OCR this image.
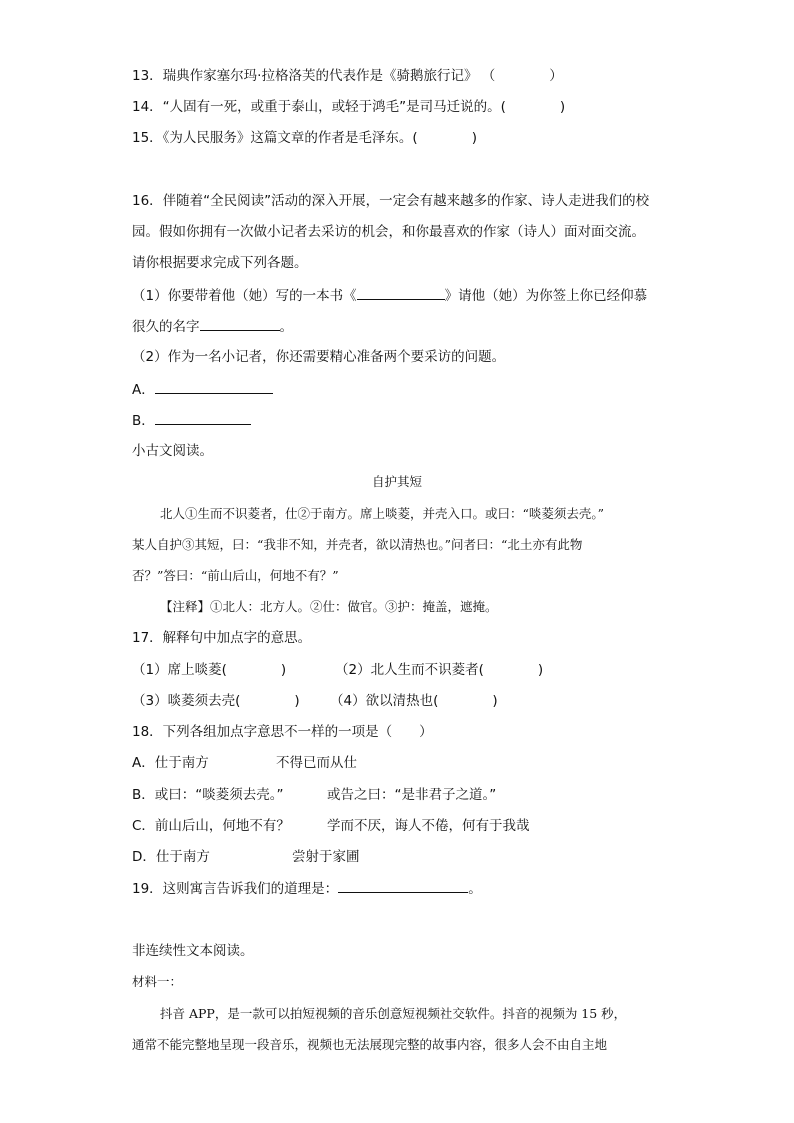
13．瑞典作家塞尔玛·拉格洛芙的代表作是《骑鹅旅行记》 （　　　　）
14．“人固有一死，或重于泰山，或轻于鸿毛”是司马迁说的。(　　　　)
15．《为人民服务》这篇文章的作者是毛泽东。(　　　　)
16．伴随着“全民阅读”活动的深入开展，一定会有越来越多的作家、诗人走进我们的校
园。假如你拥有一次做小记者去采访的机会，和你最喜欢的作家（诗人）面对面交流。
请你根据要求完成下列各题。
（1）你要带着他（她）写的一本书《	》请他（她）为你签上你已经仰慕
很久的名字	。
（2）作为一名小记者，你还需要精心准备两个要采访的问题。
A．
B．
小古文阅读。
自护其短
北人①生而不识菱者，仕②于南方。席上啖菱，并壳入口。或曰：“啖菱须去壳。”
某人自护③其短，曰：“我非不知，并壳者，欲以清热也。”问者曰：“北土亦有此物
否？”答曰：“前山后山，何地不有？”
【注释】①北人：北方人。②仕：做官。③护：掩盖，遮掩。
17．解释句中加点字的意思。
（1）席上啖菱(　　　　)	（2）北人生而不识菱者(　　　　)
（3）啖菱须去壳(　　　　) （4）欲以清热也(　　　　)
18．下列各组加点字意思不一样的一项是（　　）
A．仕于南方	不得已而从仕
B．或曰：“啖菱须去壳。”	或告之曰：“是非君子之道。”
C．前山后山，何地不有？	学而不厌，诲人不倦，何有于我哉
D．仕于南方	尝射于家圃
19．这则寓言告诉我们的道理是：	。
非连续性文本阅读。
材料一：
抖音 APP，是一款可以拍短视频的音乐创意短视频社交软件。抖音的视频为 15 秒，
通常不能完整地呈现一段音乐，视频也无法展现完整的故事内容，很多人会不由自主地
